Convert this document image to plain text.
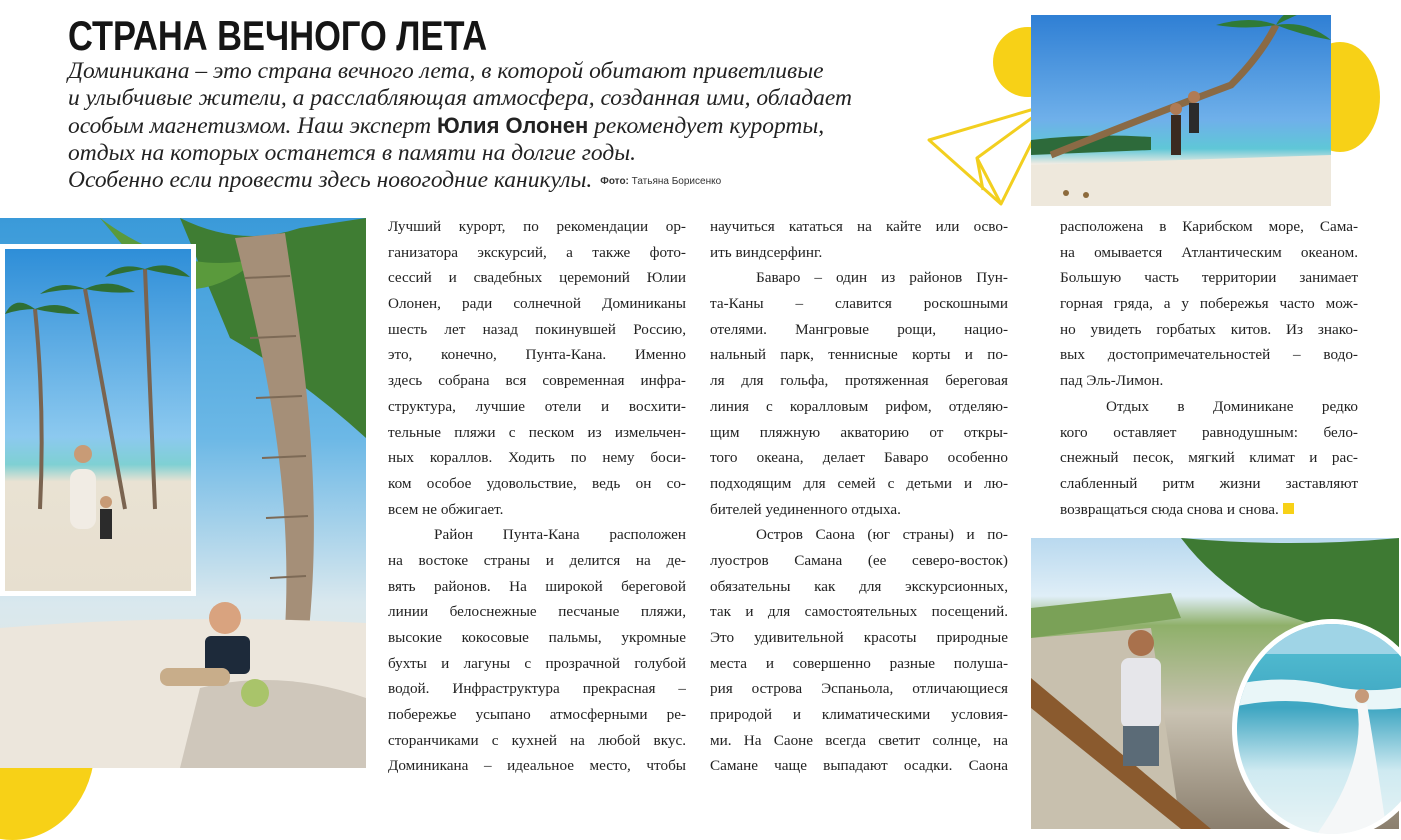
СТРАНА ВЕЧНОГО ЛЕТА

Доминикана – это страна вечного лета, в которой обитают приветливые
и улыбчивые жители, а расслабляющая атмосфера, созданная ими, обладает
особым магнетизмом. Наш эксперт Юлия Олонен рекомендует курорты,
отдых на которых останется в памяти на долгие годы.
Особенно если провести здесь новогодние каникулы. Фото: Татьяна Борисенко

Лучший курорт, по рекомендации ор-
ганизатора экскурсий, а также фото-
сессий и свадебных церемоний Юлии
Олонен, ради солнечной Доминиканы
шесть лет назад покинувшей Россию,
это, конечно, Пунта-Кана. Именно
здесь собрана вся современная инфра-
структура, лучшие отели и восхити-
тельные пляжи с песком из измельчен-
ных кораллов. Ходить по нему боси-
ком особое удовольствие, ведь он со-
всем не обжигает.
Район Пунта-Кана расположен
на востоке страны и делится на де-
вять районов. На широкой береговой
линии белоснежные песчаные пляжи,
высокие кокосовые пальмы, укромные
бухты и лагуны с прозрачной голубой
водой. Инфраструктура прекрасная –
побережье усыпано атмосферными ре-
сторанчиками с кухней на любой вкус.
Доминикана – идеальное место, чтобы
научиться кататься на кайте или осво-
ить виндсерфинг.
Баваро – один из районов Пун-
та-Каны – славится роскошными
отелями. Мангровые рощи, нацио-
нальный парк, теннисные корты и по-
ля для гольфа, протяженная береговая
линия с коралловым рифом, отделяю-
щим пляжную акваторию от откры-
того океана, делает Баваро особенно
подходящим для семей с детьми и лю-
бителей уединенного отдыха.
Остров Саона (юг страны) и по-
луостров Самана (ее северо-восток)
обязательны как для экскурсионных,
так и для самостоятельных посещений.
Это удивительной красоты природные
места и совершенно разные полуша-
рия острова Эспаньола, отличающиеся
природой и климатическими условия-
ми. На Саоне всегда светит солнце, на
Самане чаще выпадают осадки. Саона
расположена в Карибском море, Сама-
на омывается Атлантическим океаном.
Большую часть территории занимает
горная гряда, а у побережья часто мож-
но увидеть горбатых китов. Из знако-
вых достопримечательностей – водо-
пад Эль-Лимон.
Отдых в Доминикане редко
кого оставляет равнодушным: бело-
снежный песок, мягкий климат и рас-
слабленный ритм жизни заставляют
возвращаться сюда снова и снова.
